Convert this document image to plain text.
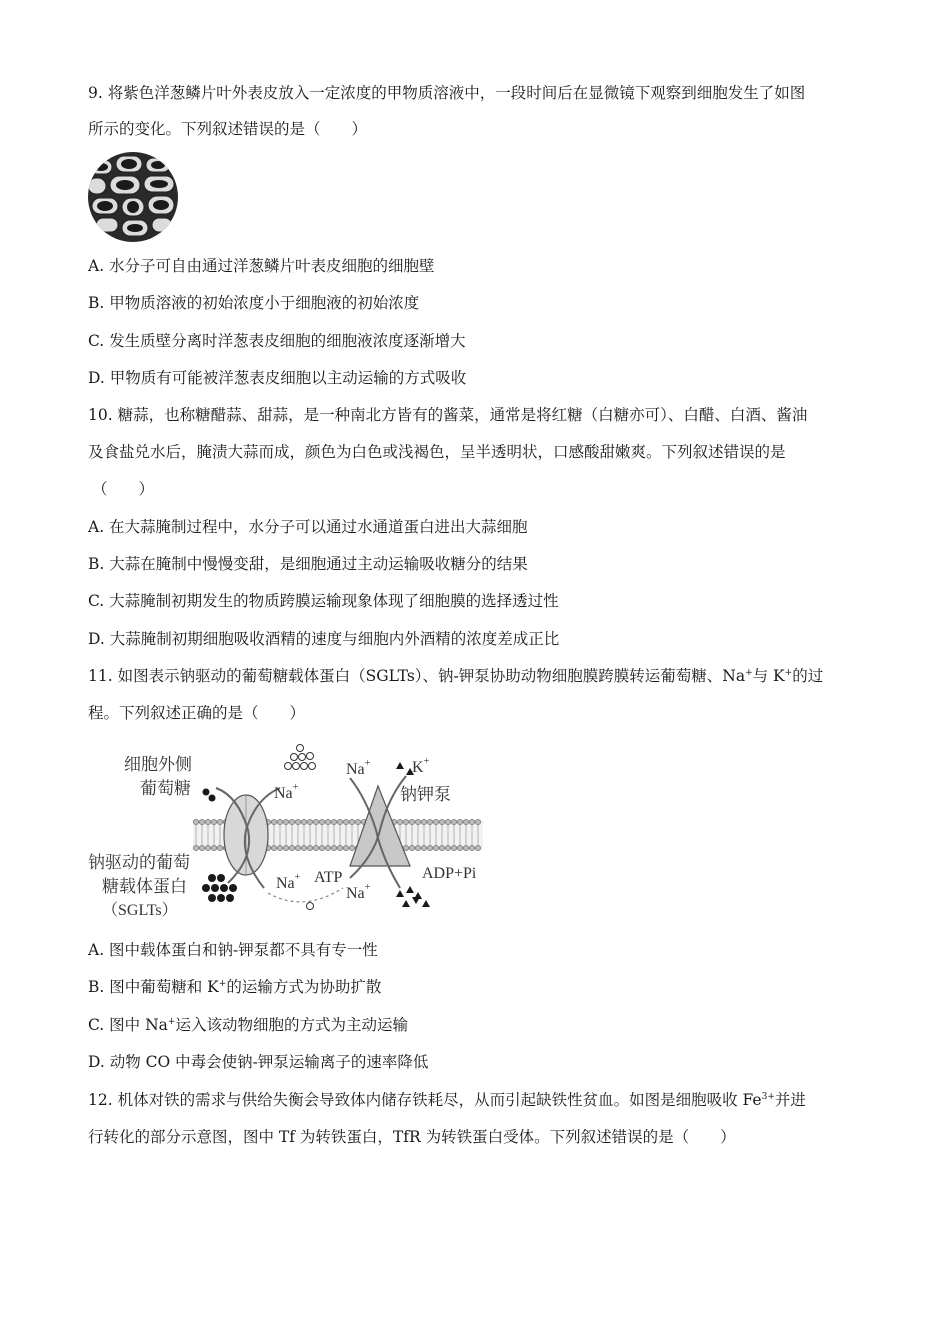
9. 将紫色洋葱鳞片叶外表皮放入一定浓度的甲物质溶液中，一段时间后在显微镜下观察到细胞发生了如图
所示的变化。下列叙述错误的是（　　）
A. 水分子可自由通过洋葱鳞片叶表皮细胞的细胞壁
B. 甲物质溶液的初始浓度小于细胞液的初始浓度
C. 发生质壁分离时洋葱表皮细胞的细胞液浓度逐渐增大
D. 甲物质有可能被洋葱表皮细胞以主动运输的方式吸收
10. 糖蒜，也称糖醋蒜、甜蒜，是一种南北方皆有的酱菜，通常是将红糖（白糖亦可）、白醋、白酒、酱油
及食盐兑水后，腌渍大蒜而成，颜色为白色或浅褐色，呈半透明状，口感酸甜嫩爽。下列叙述错误的是
（　　）
A. 在大蒜腌制过程中，水分子可以通过水通道蛋白进出大蒜细胞
B. 大蒜在腌制中慢慢变甜，是细胞通过主动运输吸收糖分的结果
C. 大蒜腌制初期发生的物质跨膜运输现象体现了细胞膜的选择透过性
D. 大蒜腌制初期细胞吸收酒精的速度与细胞内外酒精的浓度差成正比
11. 如图表示钠驱动的葡萄糖载体蛋白（SGLTs）、钠-钾泵协助动物细胞膜跨膜转运葡萄糖、Na+与 K+的过
程。下列叙述正确的是（　　）
细胞外侧
葡萄糖
钠驱动的葡萄
糖载体蛋白
（SGLTs）
Na+
Na+	K+
钠钾泵
Na+ ATP
Na+
ADP+Pi
A. 图中载体蛋白和钠-钾泵都不具有专一性
B. 图中葡萄糖和 K+的运输方式为协助扩散
C. 图中 Na+运入该动物细胞的方式为主动运输
D. 动物 CO 中毒会使钠-钾泵运输离子的速率降低
12. 机体对铁的需求与供给失衡会导致体内储存铁耗尽，从而引起缺铁性贫血。如图是细胞吸收 $Fe^{3+}$并进
行转化的部分示意图，图中 Tf 为转铁蛋白，TfR 为转铁蛋白受体。下列叙述错误的是（　　）
